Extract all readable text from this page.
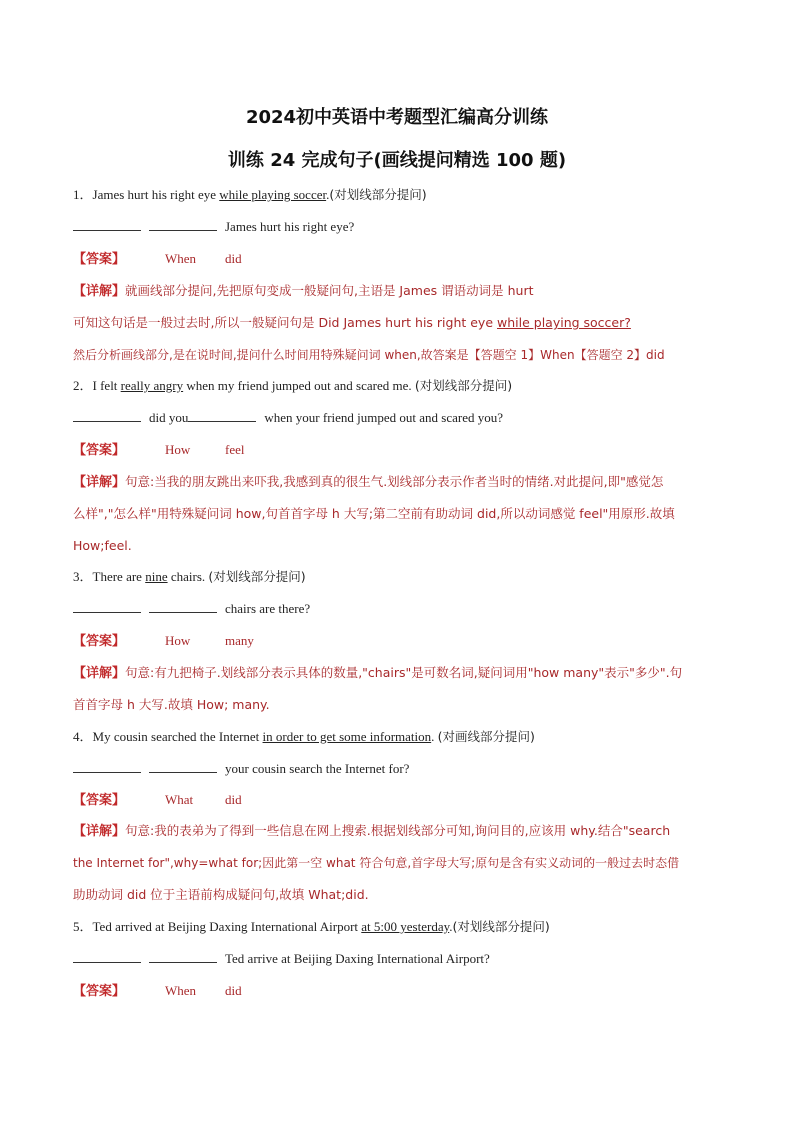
2024初中英语中考题型汇编高分训练
训练 24 完成句子(画线提问精选 100 题)
1．James hurt his right eye while playing soccer.(对划线部分提问)
James hurt his right eye?
【答案】	When did
【详解】就画线部分提问,先把原句变成一般疑问句,主语是 James 谓语动词是 hurt
可知这句话是一般过去时,所以一般疑问句是 Did James hurt his right eye while playing soccer?
然后分析画线部分,是在说时间,提问什么时间用特殊疑问词 when,故答案是【答题空 1】When【答题空 2】did
2．I felt really angry when my friend jumped out and scared me. (对划线部分提问)
did you	when your friend jumped out and scared you?
【答案】	How	feel
【详解】句意:当我的朋友跳出来吓我,我感到真的很生气.划线部分表示作者当时的情绪.对此提问,即"感觉怎
么样","怎么样"用特殊疑问词 how,句首首字母 h 大写;第二空前有助动词 did,所以动词感觉 feel"用原形.故填
How;feel.
3．There are nine chairs. (对划线部分提问)
chairs are there?
【答案】	How	many
【详解】句意:有九把椅子.划线部分表示具体的数量,"chairs"是可数名词,疑问词用"how many"表示"多少".句
首首字母 h 大写.故填 How; many.
4．My cousin searched the Internet in order to get some information. (对画线部分提问)
your cousin search the Internet for?
【答案】	What did
【详解】句意:我的表弟为了得到一些信息在网上搜索.根据划线部分可知,询问目的,应该用 why.结合"search
the Internet for",why=what for;因此第一空 what 符合句意,首字母大写;原句是含有实义动词的一般过去时态借
助助动词 did 位于主语前构成疑问句,故填 What;did.
5．Ted arrived at Beijing Daxing International Airport at 5:00 yesterday.(对划线部分提问)
Ted arrive at Beijing Daxing International Airport?
【答案】	When did
